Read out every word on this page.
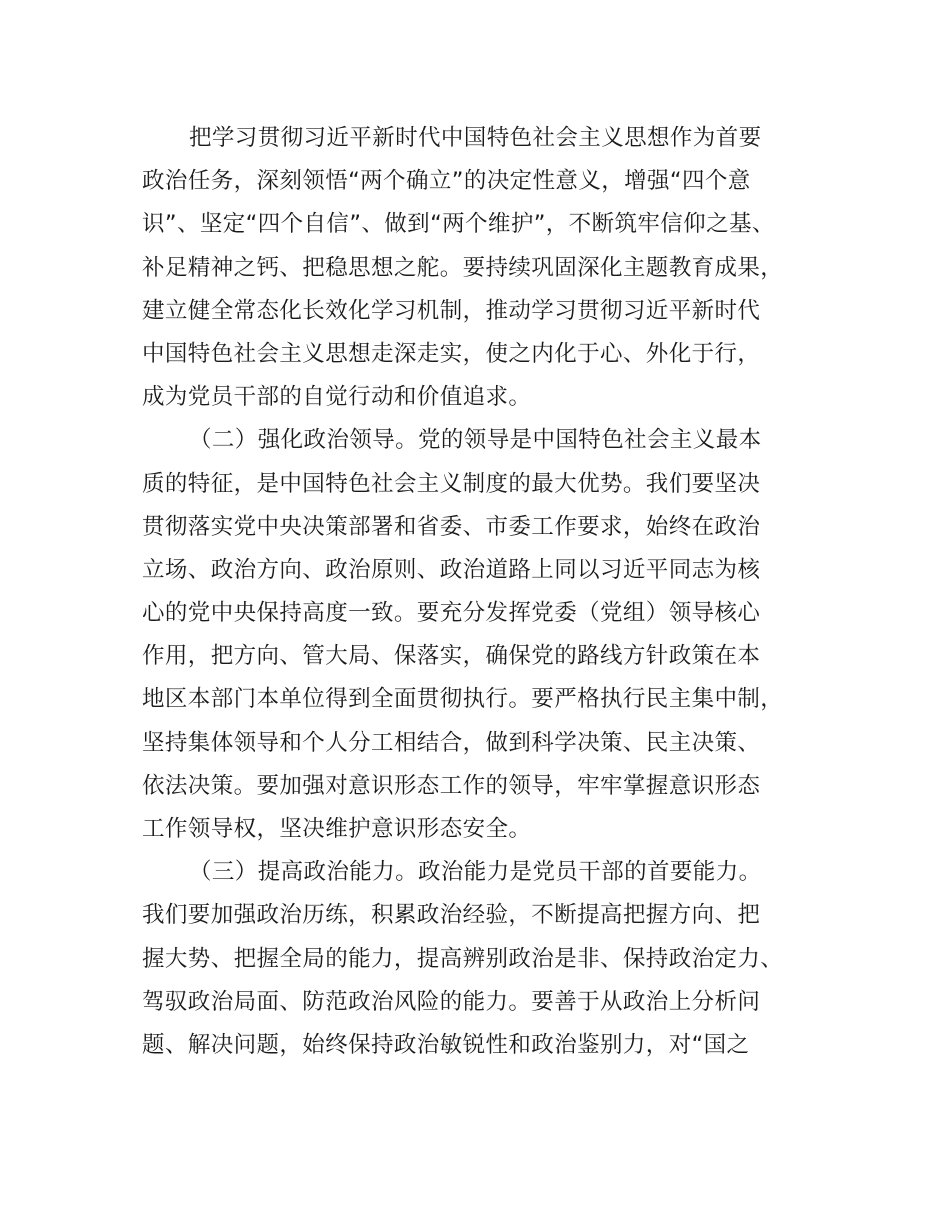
把学习贯彻习近平新时代中国特色社会主义思想作为首要
政治任务，深刻领悟“两个确立”的决定性意义，增强“四个意
识”、坚定“四个自信”、做到“两个维护”，不断筑牢信仰之基、
补足精神之钙、把稳思想之舵。要持续巩固深化主题教育成果，
建立健全常态化长效化学习机制，推动学习贯彻习近平新时代
中国特色社会主义思想走深走实，使之内化于心、外化于行，
成为党员干部的自觉行动和价值追求。
（二）强化政治领导。党的领导是中国特色社会主义最本
质的特征，是中国特色社会主义制度的最大优势。我们要坚决
贯彻落实党中央决策部署和省委、市委工作要求，始终在政治
立场、政治方向、政治原则、政治道路上同以习近平同志为核
心的党中央保持高度一致。要充分发挥党委（党组）领导核心
作用，把方向、管大局、保落实，确保党的路线方针政策在本
地区本部门本单位得到全面贯彻执行。要严格执行民主集中制，
坚持集体领导和个人分工相结合，做到科学决策、民主决策、
依法决策。要加强对意识形态工作的领导，牢牢掌握意识形态
工作领导权，坚决维护意识形态安全。
（三）提高政治能力。政治能力是党员干部的首要能力。
我们要加强政治历练，积累政治经验，不断提高把握方向、把
握大势、把握全局的能力，提高辨别政治是非、保持政治定力、
驾驭政治局面、防范政治风险的能力。要善于从政治上分析问
题、解决问题，始终保持政治敏锐性和政治鉴别力，对“国之
